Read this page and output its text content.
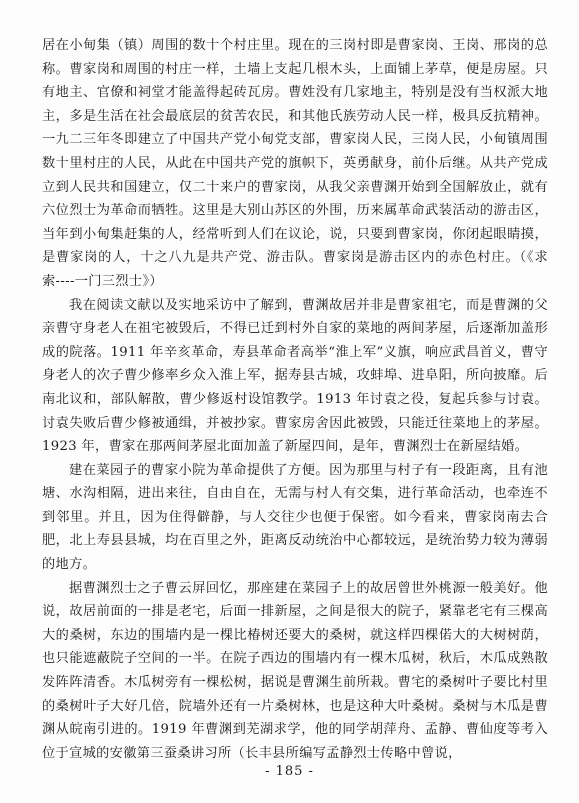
居在小甸集（镇）周围的数十个村庄里。现在的三岗村即是曹家岗、王岗、邢岗的总称。曹家岗和周围的村庄一样，土墙上支起几根木头，上面铺上茅草，便是房屋。只有地主、官僚和祠堂才能盖得起砖瓦房。曹姓没有几家地主，特别是没有当权派大地主，多是生活在社会最底层的贫苦农民，和其他氏族劳动人民一样，极具反抗精神。一九二三年冬即建立了中国共产党小甸党支部，曹家岗人民，三岗人民，小甸镇周围数十里村庄的人民，从此在中国共产党的旗帜下，英勇献身，前仆后继。从共产党成立到人民共和国建立，仅二十来户的曹家岗，从我父亲曹渊开始到全国解放止，就有六位烈士为革命而牺牲。这里是大别山苏区的外围，历来属革命武装活动的游击区，当年到小甸集赶集的人，经常听到人们在议论，说，只要到曹家岗，你闭起眼睛摸，是曹家岗的人，十之八九是共产党、游击队。曹家岗是游击区内的赤色村庄。（《求索----一门三烈士》）

我在阅读文献以及实地采访中了解到，曹渊故居并非是曹家祖宅，而是曹渊的父亲曹守身老人在祖宅被毁后，不得已迁到村外自家的菜地的两间茅屋，后逐渐加盖形成的院落。1911 年辛亥革命，寿县革命者高举“淮上军”义旗，响应武昌首义，曹守身老人的次子曹少修率乡众入淮上军，据寿县古城，攻蚌埠、进阜阳，所向披靡。后南北议和，部队解散，曹少修返村设馆教学。1913 年讨袁之役，复起兵参与讨袁。讨袁失败后曹少修被通缉，并被抄家。曹家房舍因此被毁，只能迁往菜地上的茅屋。1923 年，曹家在那两间茅屋北面加盖了新屋四间，是年，曹渊烈士在新屋结婚。

建在菜园子的曹家小院为革命提供了方便。因为那里与村子有一段距离，且有池塘、水沟相隔，进出来往，自由自在，无需与村人有交集，进行革命活动，也牵连不到邻里。并且，因为住得僻静，与人交往少也便于保密。如今看来，曹家岗南去合肥，北上寿县县城，均在百里之外，距离反动统治中心都较远，是统治势力较为薄弱的地方。

据曹渊烈士之子曹云屏回忆，那座建在菜园子上的故居曾世外桃源一般美好。他说，故居前面的一排是老宅，后面一排新屋，之间是很大的院子，紧靠老宅有三棵高大的桑树，东边的围墙内是一棵比椿树还要大的桑树，就这样四棵偌大的大树树荫，也只能遮蔽院子空间的一半。在院子西边的围墙内有一棵木瓜树，秋后，木瓜成熟散发阵阵清香。木瓜树旁有一棵松树，据说是曹渊生前所栽。曹宅的桑树叶子要比村里的桑树叶子大好几倍，院墙外还有一片桑树林，也是这种大叶桑树。桑树与木瓜是曹渊从皖南引进的。1919 年曹渊到芜湖求学，他的同学胡萍舟、孟静、曹仙度等考入位于宣城的安徽第三蚕桑讲习所（长丰县所编写孟静烈士传略中曾说，

- 185 -
